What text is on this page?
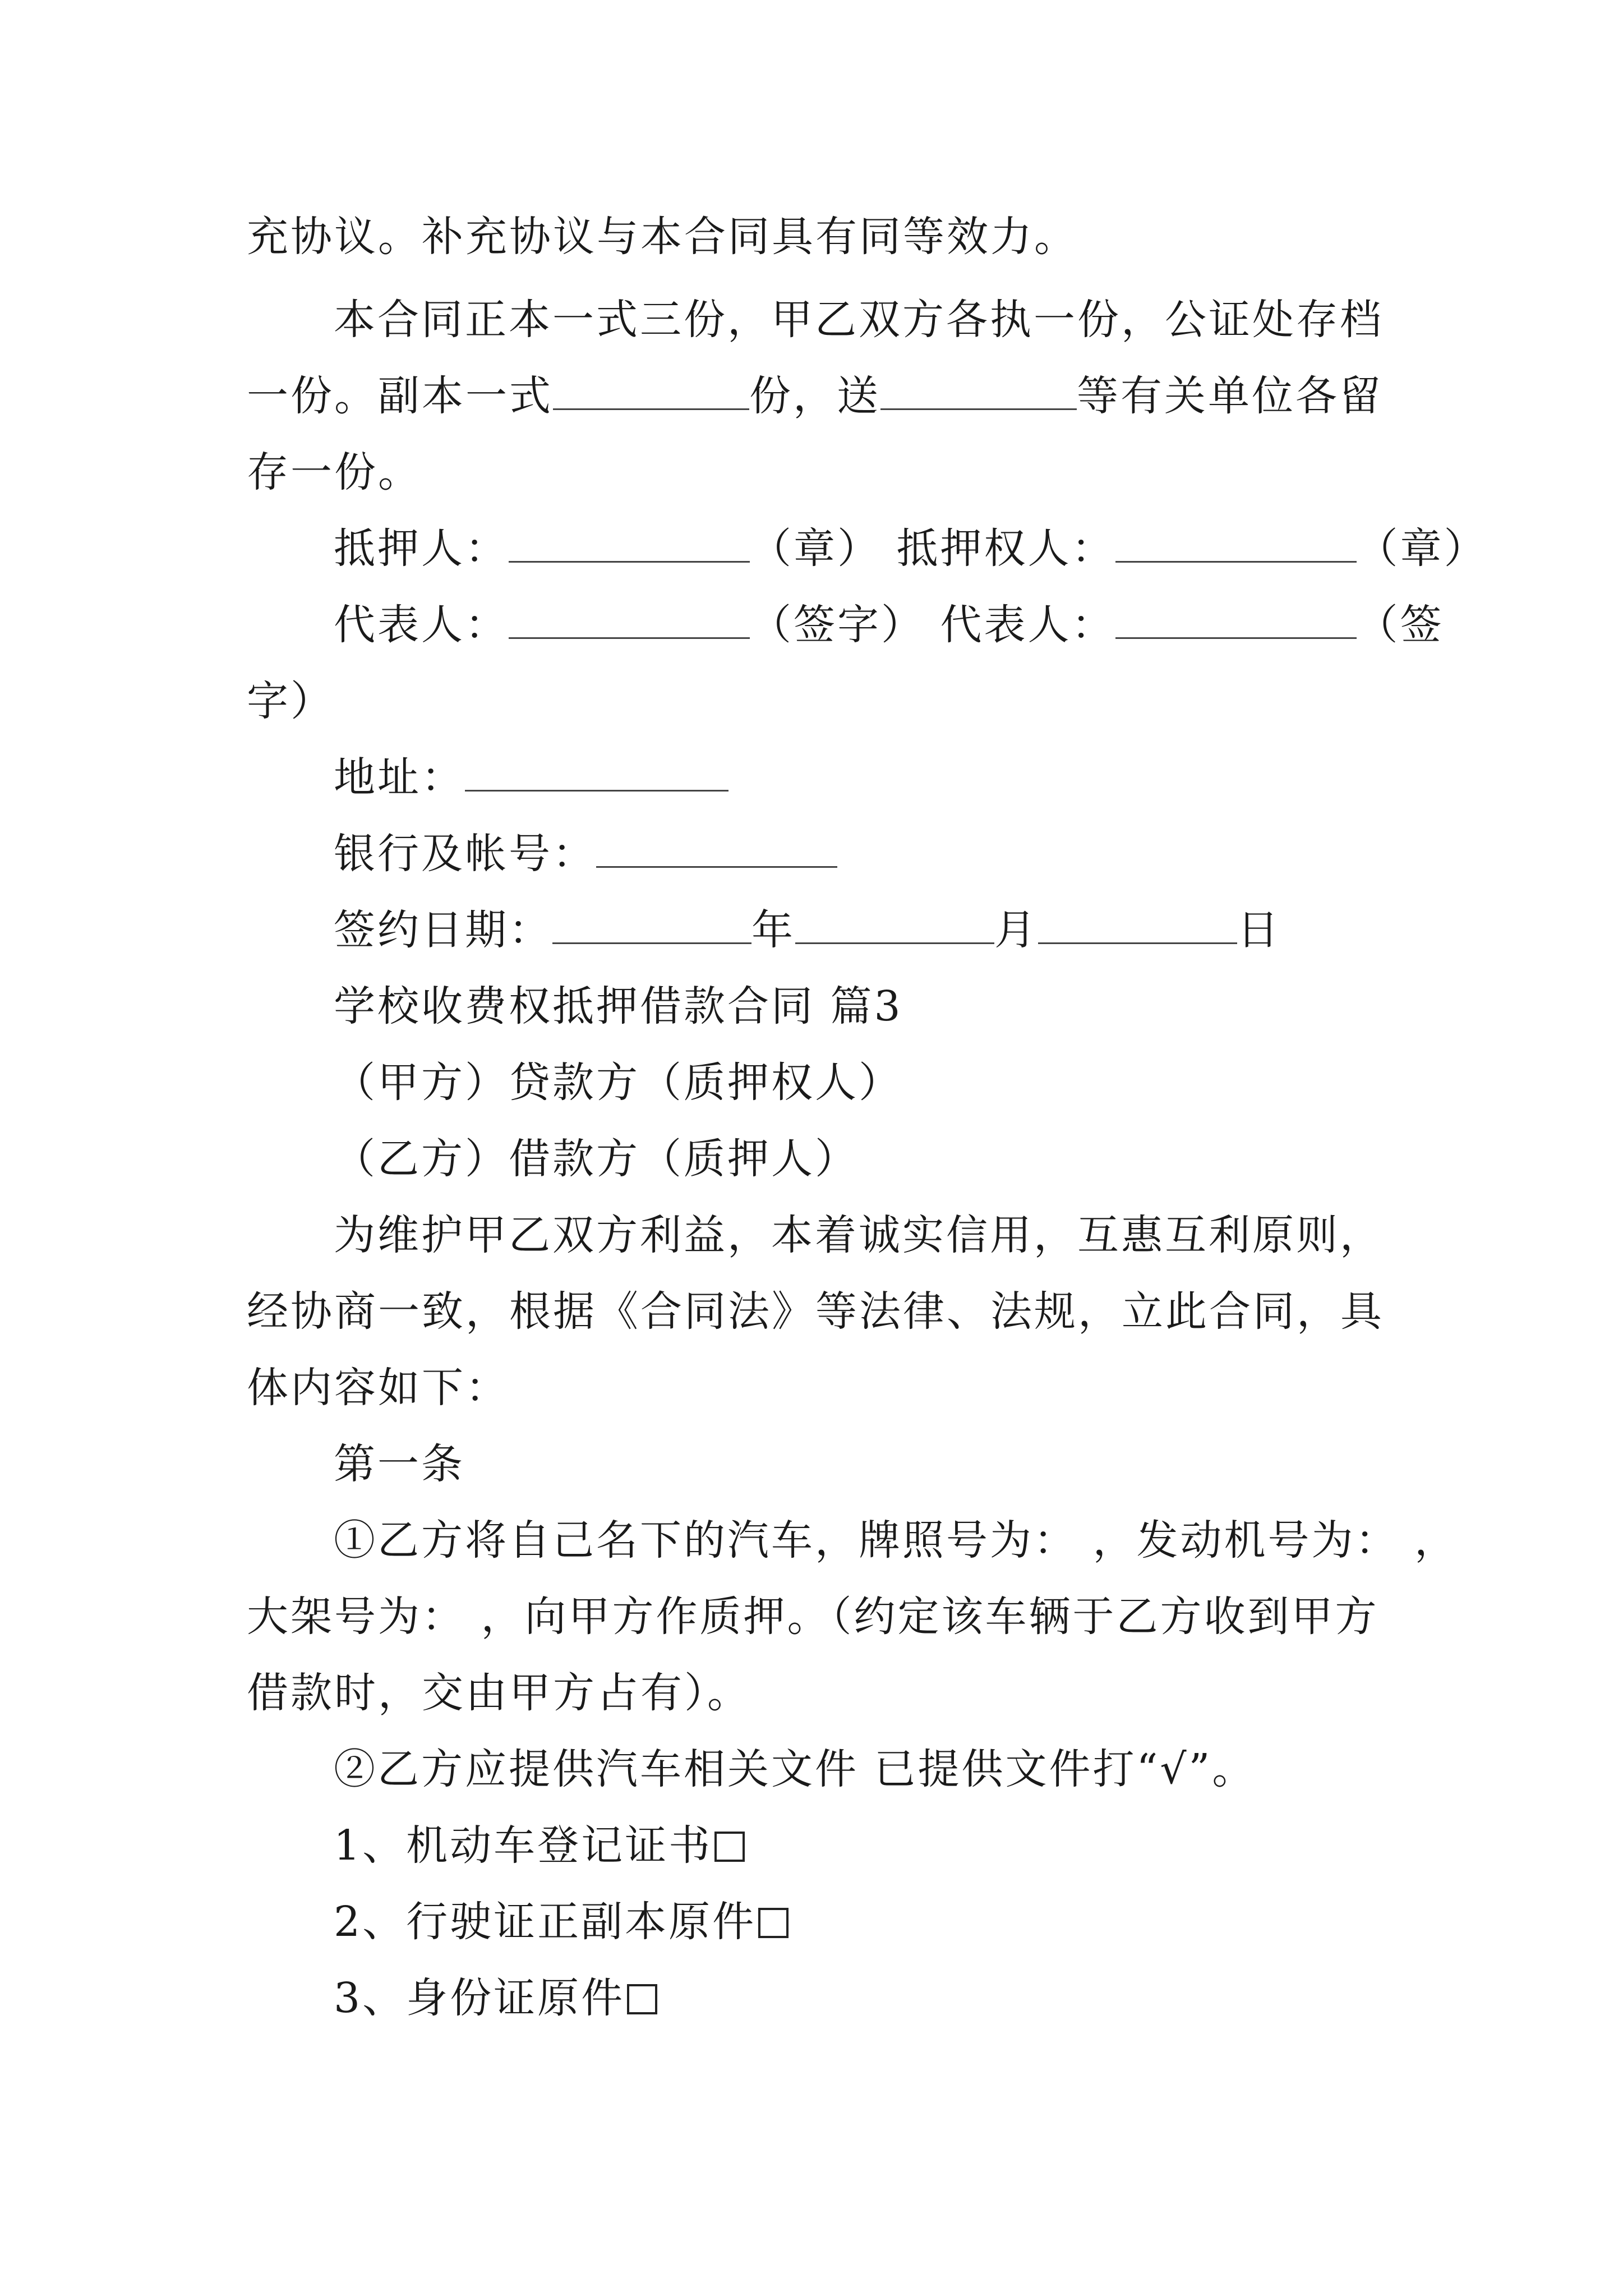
充协议。补充协议与本合同具有同等效力。
本合同正本一式三份，甲乙双方各执一份，公证处存档
一份。副本一式	份，送	等有关单位各留
存一份。
抵押人：	（章） 抵押权人：	（章）
代表人：	（签字） 代表人：	（签
字）
地址：
银行及帐号：
签约日期：	年	月	日
学校收费权抵押借款合同 篇3
（甲方）贷款方（质押权人）
（乙方）借款方（质押人）
为维护甲乙双方利益，本着诚实信用，互惠互利原则，
经协商一致，根据《合同法》等法律、法规，立此合同，具
体内容如下：
第一条
①乙方将自己名下的汽车，牌照号为： ，发动机号为： ，
大架号为： ，向甲方作质押。（约定该车辆于乙方收到甲方
借款时，交由甲方占有）。
②乙方应提供汽车相关文件 已提供文件打“√”。
1、机动车登记证书
2、行驶证正副本原件
3、身份证原件
